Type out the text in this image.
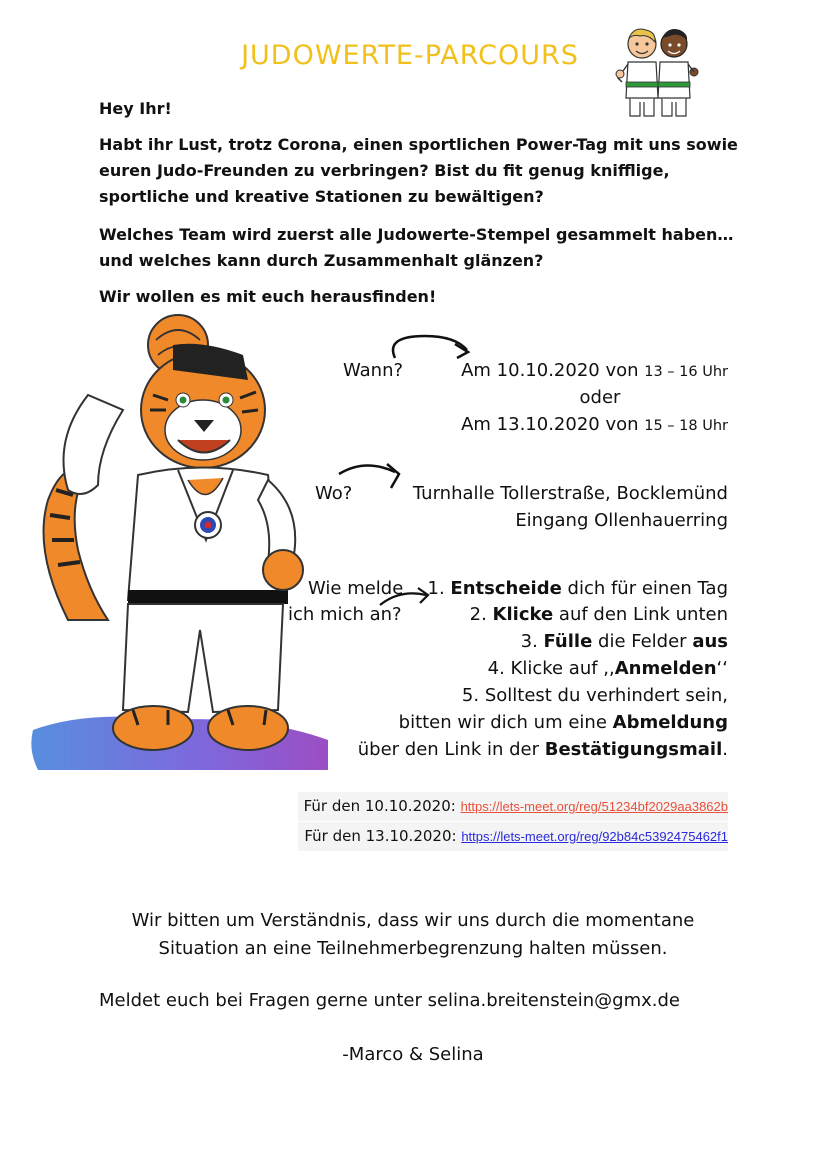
JUDOWERTE-PARCOURS
Hey Ihr!
Habt ihr Lust, trotz Corona, einen sportlichen Power-Tag mit uns sowie euren Judo-Freunden zu verbringen? Bist du fit genug knifflige, sportliche und kreative Stationen zu bewältigen?
Welches Team wird zuerst alle Judowerte-Stempel gesammelt haben… und welches kann durch Zusammenhalt glänzen?
Wir wollen es mit euch herausfinden!
Wann?	Am 10.10.2020 von 13 – 16 Uhr
oder
Am 13.10.2020 von 15 – 18 Uhr
Wo?	Turnhalle Tollerstraße, Bocklemünd
Eingang Ollenhauerring
Wie melde
ich mich an?
1. Entscheide dich für einen Tag
2. Klicke auf den Link unten
3. Fülle die Felder aus
4. Klicke auf ,,Anmelden‘‘
5. Solltest du verhindert sein,
bitten wir dich um eine Abmeldung
über den Link in der Bestätigungsmail.
Für den 10.10.2020: https://lets-meet.org/reg/51234bf2029aa3862b
Für den 13.10.2020: https://lets-meet.org/reg/92b84c5392475462f1
Wir bitten um Verständnis, dass wir uns durch die momentane
Situation an eine Teilnehmerbegrenzung halten müssen.
Meldet euch bei Fragen gerne unter selina.breitenstein@gmx.de
-Marco & Selina
